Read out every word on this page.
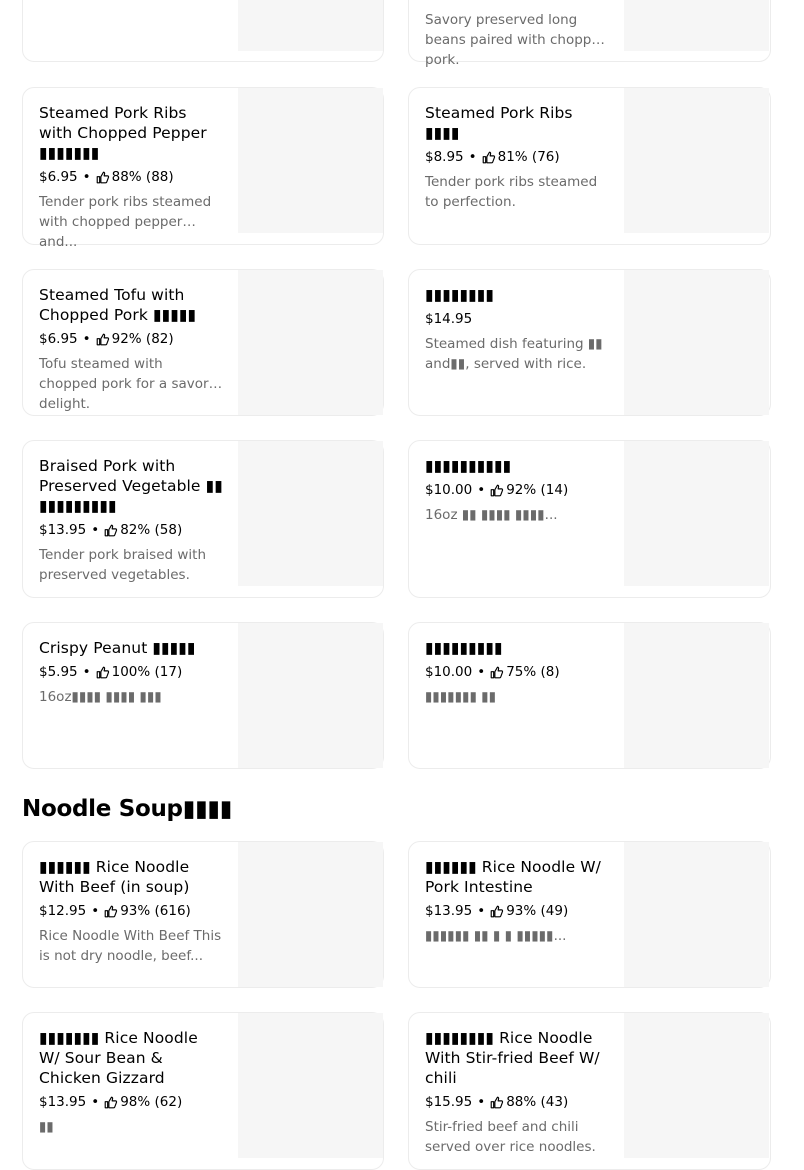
Savory preserved long beans paired with chopped pork.
Steamed Pork Ribs with Chopped Pepper ▮▮▮▮▮▮▮
$6.95 • 88% (88)
Tender pork ribs steamed with chopped pepper and...
Steamed Pork Ribs ▮▮▮▮
$8.95 • 81% (76)
Tender pork ribs steamed to perfection.
Steamed Tofu with Chopped Pork ▮▮▮▮▮
$6.95 • 92% (82)
Tofu steamed with chopped pork for a savory delight.
▮▮▮▮▮▮▮▮
$14.95
Steamed dish featuring ▮▮ and▮▮, served with rice.
Braised Pork with Preserved Vegetable ▮▮ ▮▮▮▮▮▮▮▮▮
$13.95 • 82% (58)
Tender pork braised with preserved vegetables.
▮▮▮▮▮▮▮▮▮▮
$10.00 • 92% (14)
16oz ▮▮ ▮▮▮▮ ▮▮▮▮...
Crispy Peanut ▮▮▮▮▮
$5.95 • 100% (17)
16oz▮▮▮▮ ▮▮▮▮ ▮▮▮
▮▮▮▮▮▮▮▮▮
$10.00 • 75% (8)
▮▮▮▮▮▮▮ ▮▮
Noodle Soup▮▮▮▮
▮▮▮▮▮▮ Rice Noodle With Beef (in soup)
$12.95 • 93% (616)
Rice Noodle With Beef This is not dry noodle, beef...
▮▮▮▮▮▮ Rice Noodle W/ Pork Intestine
$13.95 • 93% (49)
▮▮▮▮▮▮ ▮▮ ▮ ▮ ▮▮▮▮▮...
▮▮▮▮▮▮▮ Rice Noodle W/ Sour Bean & Chicken Gizzard
$13.95 • 98% (62)
▮▮
▮▮▮▮▮▮▮▮ Rice Noodle With Stir-fried Beef W/ chili
$15.95 • 88% (43)
Stir-fried beef and chili served over rice noodles.
